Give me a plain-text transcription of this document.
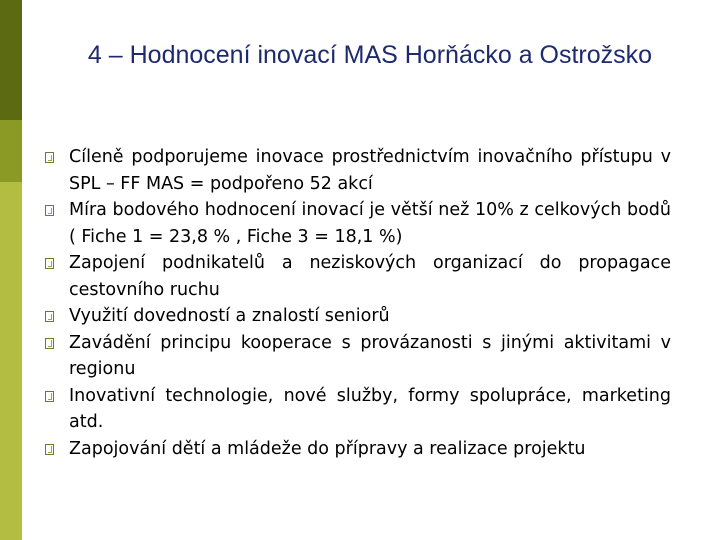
4 – Hodnocení inovací MAS Horňácko a Ostrožsko
Cíleně podporujeme inovace prostřednictvím inovačního přístupu v SPL – FF MAS = podpořeno 52 akcí
Míra bodového hodnocení inovací je větší než 10% z celkových bodů ( Fiche 1 = 23,8 % , Fiche 3 = 18,1 %)
Zapojení podnikatelů a neziskových organizací do propagace cestovního ruchu
Využití dovedností a znalostí seniorů
Zavádění principu kooperace s provázanosti s jinými aktivitami v regionu
Inovativní technologie, nové služby, formy spolupráce, marketing atd.
Zapojování dětí a mládeže do přípravy a realizace projektu
